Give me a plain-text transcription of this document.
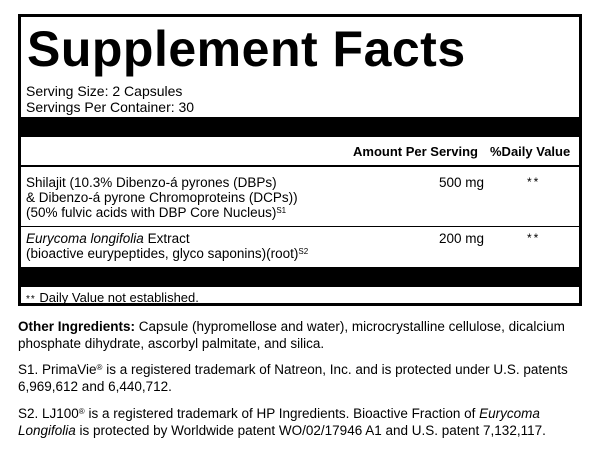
Supplement Facts
Serving Size: 2 Capsules
Servings Per Container: 30
Amount Per Serving %Daily Value
Shilajit (10.3% Dibenzo-á pyrones (DBPs)
& Dibenzo-á pyrone Chromoproteins (DCPs))
(50% fulvic acids with DBP Core Nucleus)$^{S1}$
500 mg	**
Eurycoma longifolia Extract
(bioactive eurypeptides, glyco saponins)(root)$^{S2}$
200 mg	**
** Daily Value not established.
Other Ingredients: Capsule (hypromellose and water), microcrystalline cellulose, dicalcium phosphate dihydrate, ascorbyl palmitate, and silica.
S1. PrimaVie® is a registered trademark of Natreon, Inc. and is protected under U.S. patents 6,969,612 and 6,440,712.
S2. LJ100® is a registered trademark of HP Ingredients. Bioactive Fraction of Eurycoma Longifolia is protected by Worldwide patent WO/02/17946 A1 and U.S. patent 7,132,117.
